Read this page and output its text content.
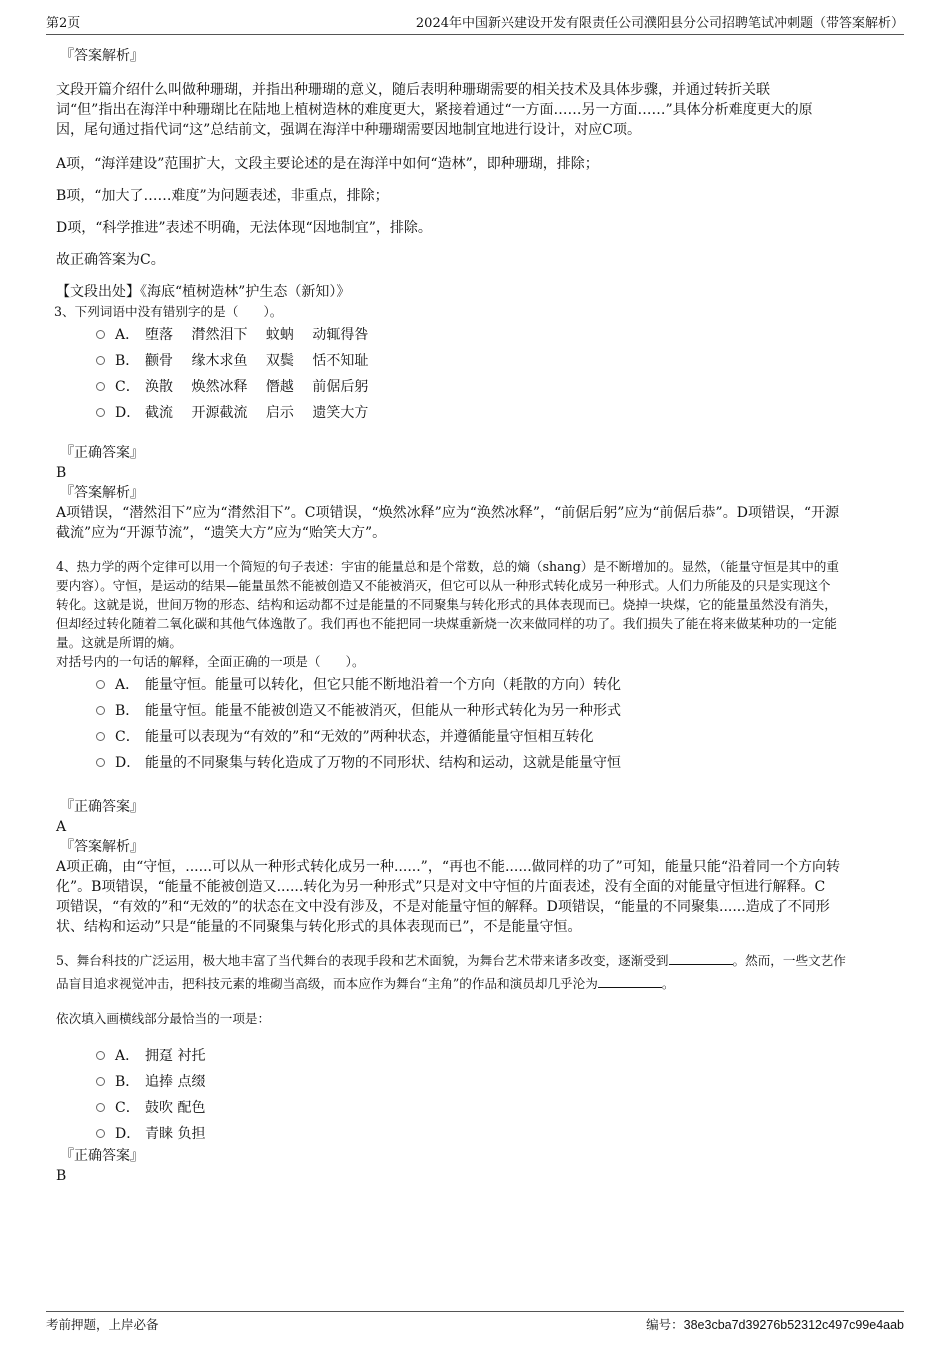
第2页	2024年中国新兴建设开发有限责任公司濮阳县分公司招聘笔试冲刺题（带答案解析）

『答案解析』

文段开篇介绍什么叫做种珊瑚，并指出种珊瑚的意义，随后表明种珊瑚需要的相关技术及具体步骤，并通过转折关联

词“但”指出在海洋中种珊瑚比在陆地上植树造林的难度更大，紧接着通过“一方面……另一方面……”具体分析难度更大的原

因，尾句通过指代词“这”总结前文，强调在海洋中种珊瑚需要因地制宜地进行设计，对应C项。

A项，“海洋建设”范围扩大，文段主要论述的是在海洋中如何“造林”，即种珊瑚，排除；

B项，“加大了……难度”为问题表述，非重点，排除；

D项，“科学推进”表述不明确，无法体现“因地制宜”，排除。

故正确答案为C。

【文段出处】《海底“植树造林”护生态（新知）》

3、下列词语中没有错别字的是（　　）。

A． 堕落　 潸然泪下　 蚊蚋　 动辄得咎
B． 颧骨　 缘木求鱼　 双鬓　 恬不知耻
C． 涣散　 焕然冰释　 僭越　 前倨后躬
D． 截流　 开源截流　 启示　 遗笑大方

『正确答案』

B

『答案解析』

A项错误，“潜然泪下”应为“潸然泪下”。C项错误，“焕然冰释”应为“涣然冰释”，“前倨后躬”应为“前倨后恭”。D项错误，“开源

截流”应为“开源节流”，“遗笑大方”应为“贻笑大方”。

4、热力学的两个定律可以用一个简短的句子表述：宇宙的能量总和是个常数，总的熵（shang）是不断增加的。显然，（能量守恒是其中的重

要内容）。守恒，是运动的结果—能量虽然不能被创造又不能被消灭，但它可以从一种形式转化成另一种形式。人们力所能及的只是实现这个

转化。这就是说，世间万物的形态、结构和运动都不过是能量的不同聚集与转化形式的具体表现而已。烧掉一块煤，它的能量虽然没有消失，

但却经过转化随着二氧化碳和其他气体逸散了。我们再也不能把同一块煤重新烧一次来做同样的功了。我们损失了能在将来做某种功的一定能

量。这就是所谓的熵。

对括号内的一句话的解释，全面正确的一项是（　　）。

A． 能量守恒。能量可以转化，但它只能不断地沿着一个方向（耗散的方向）转化
B． 能量守恒。能量不能被创造又不能被消灭，但能从一种形式转化为另一种形式
C． 能量可以表现为“有效的”和“无效的”两种状态，并遵循能量守恒相互转化
D． 能量的不同聚集与转化造成了万物的不同形状、结构和运动，这就是能量守恒

『正确答案』

A

『答案解析』

A项正确，由“守恒，......可以从一种形式转化成另一种......”，“再也不能......做同样的功了”可知，能量只能“沿着同一个方向转

化”。B项错误，“能量不能被创造又......转化为另一种形式”只是对文中守恒的片面表述，没有全面的对能量守恒进行解释。C

项错误，“有效的”和“无效的”的状态在文中没有涉及，不是对能量守恒的解释。D项错误，“能量的不同聚集......造成了不同形

状、结构和运动”只是“能量的不同聚集与转化形式的具体表现而已”，不是能量守恒。

5、舞台科技的广泛运用，极大地丰富了当代舞台的表现手段和艺术面貌，为舞台艺术带来诸多改变，逐渐受到	。然而，一些文艺作

品盲目追求视觉冲击，把科技元素的堆砌当高级，而本应作为舞台“主角”的作品和演员却几乎沦为	。

依次填入画横线部分最恰当的一项是：

A． 拥趸 衬托
B． 追捧 点缀
C． 鼓吹 配色
D． 青睐 负担

『正确答案』

B

考前押题，上岸必备	编号：38e3cba7d39276b52312c497c99e4aab
